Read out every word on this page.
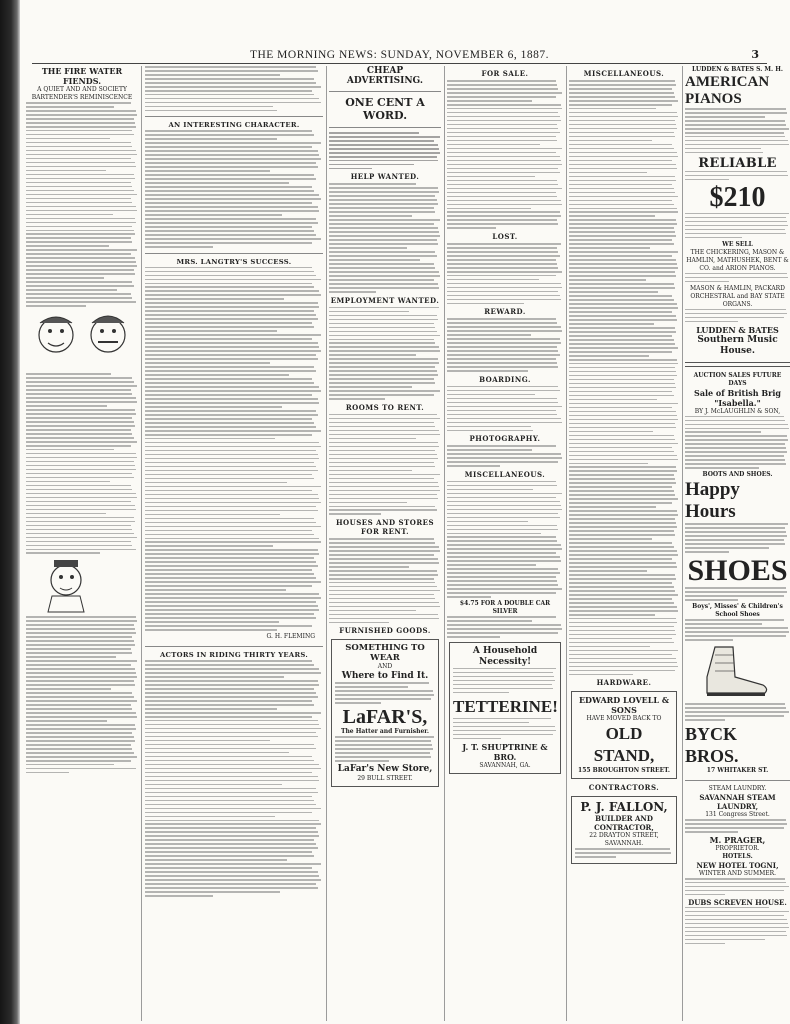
THE MORNING NEWS: SUNDAY, NOVEMBER 6, 1887.	3
THE FIRE WATER FIENDS.
A QUIET AND AND SOCIETY BARTENDER'S REMINISCENCE
AN INTERESTING CHARACTER.
MRS. LANGTRY'S SUCCESS.
G. H. FLEMING
ACTORS IN RIDING THIRTY YEARS.
CHEAP ADVERTISING.
ONE CENT A WORD.
HELP WANTED.
EMPLOYMENT WANTED.
ROOMS TO RENT.
HOUSES AND STORES FOR RENT.
FURNISHED GOODS.
SOMETHING TO WEAR
AND
Where to Find It.
LaFAR'S,
The Hatter and Furnisher.
LaFar's New Store,
29 BULL STREET.
FOR SALE.
LOST.
REWARD.
BOARDING.
PHOTOGRAPHY.
MISCELLANEOUS.
$4.75 FOR A DOUBLE CAR SILVER
A Household Necessity!
TETTERINE!
J. T. SHUPTRINE & BRO.
SAVANNAH, GA.
MISCELLANEOUS.
HARDWARE.
EDWARD LOVELL & SONS
HAVE MOVED BACK TO
OLD STAND,
155 BROUGHTON STREET.
CONTRACTORS.
P. J. FALLON,
BUILDER AND CONTRACTOR,
22 DRAYTON STREET, SAVANNAH.
LUDDEN & BATES S. M. H.
AMERICAN PIANOS
RELIABLE
$210
WE SELL
THE CHICKERING, MASON & HAMLIN, MATHUSHEK, BENT & CO. and ARION PIANOS.
MASON & HAMLIN, PACKARD ORCHESTRAL and BAY STATE ORGANS.
LUDDEN & BATES
Southern Music House.
AUCTION SALES FUTURE DAYS
Sale of British Brig "Isabella."
BY J. McLAUGHLIN & SON,
BOOTS AND SHOES.
Happy Hours
SHOES
Boys', Misses' & Children's School Shoes
BYCK BROS.
17 WHITAKER ST.
STEAM LAUNDRY.
SAVANNAH STEAM LAUNDRY,
131 Congress Street.
M. PRAGER,
PROPRIETOR.
HOTELS.
NEW HOTEL TOGNI,
WINTER AND SUMMER.
DUBS SCREVEN HOUSE.
